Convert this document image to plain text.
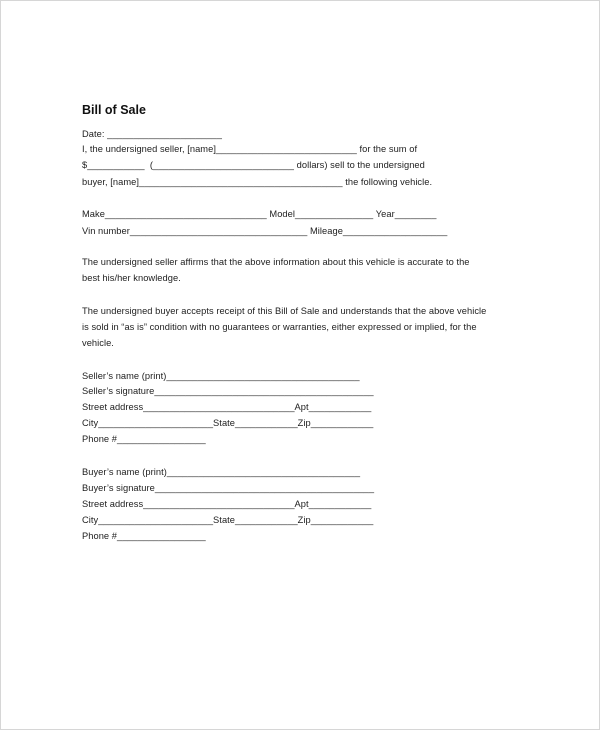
Bill of Sale
Date: ______________________
I, the undersigned seller, [name]___________________________ for the sum of
$___________  (___________________________ dollars) sell to the undersigned
buyer, [name]_______________________________________ the following vehicle.
Make_______________________________ Model_______________ Year________
Vin number__________________________________ Mileage____________________
The undersigned seller affirms that the above information about this vehicle is accurate to the
best his/her knowledge.
The undersigned buyer accepts receipt of this Bill of Sale and understands that the above vehicle
is sold in “as is” condition with no guarantees or warranties, either expressed or implied, for the
vehicle.
Seller’s name (print)_____________________________________
Seller’s signature__________________________________________
Street address_____________________________Apt____________
City______________________State____________Zip____________
Phone #_________________
Buyer’s name (print)_____________________________________
Buyer’s signature__________________________________________
Street address_____________________________Apt____________
City______________________State____________Zip____________
Phone #_________________
